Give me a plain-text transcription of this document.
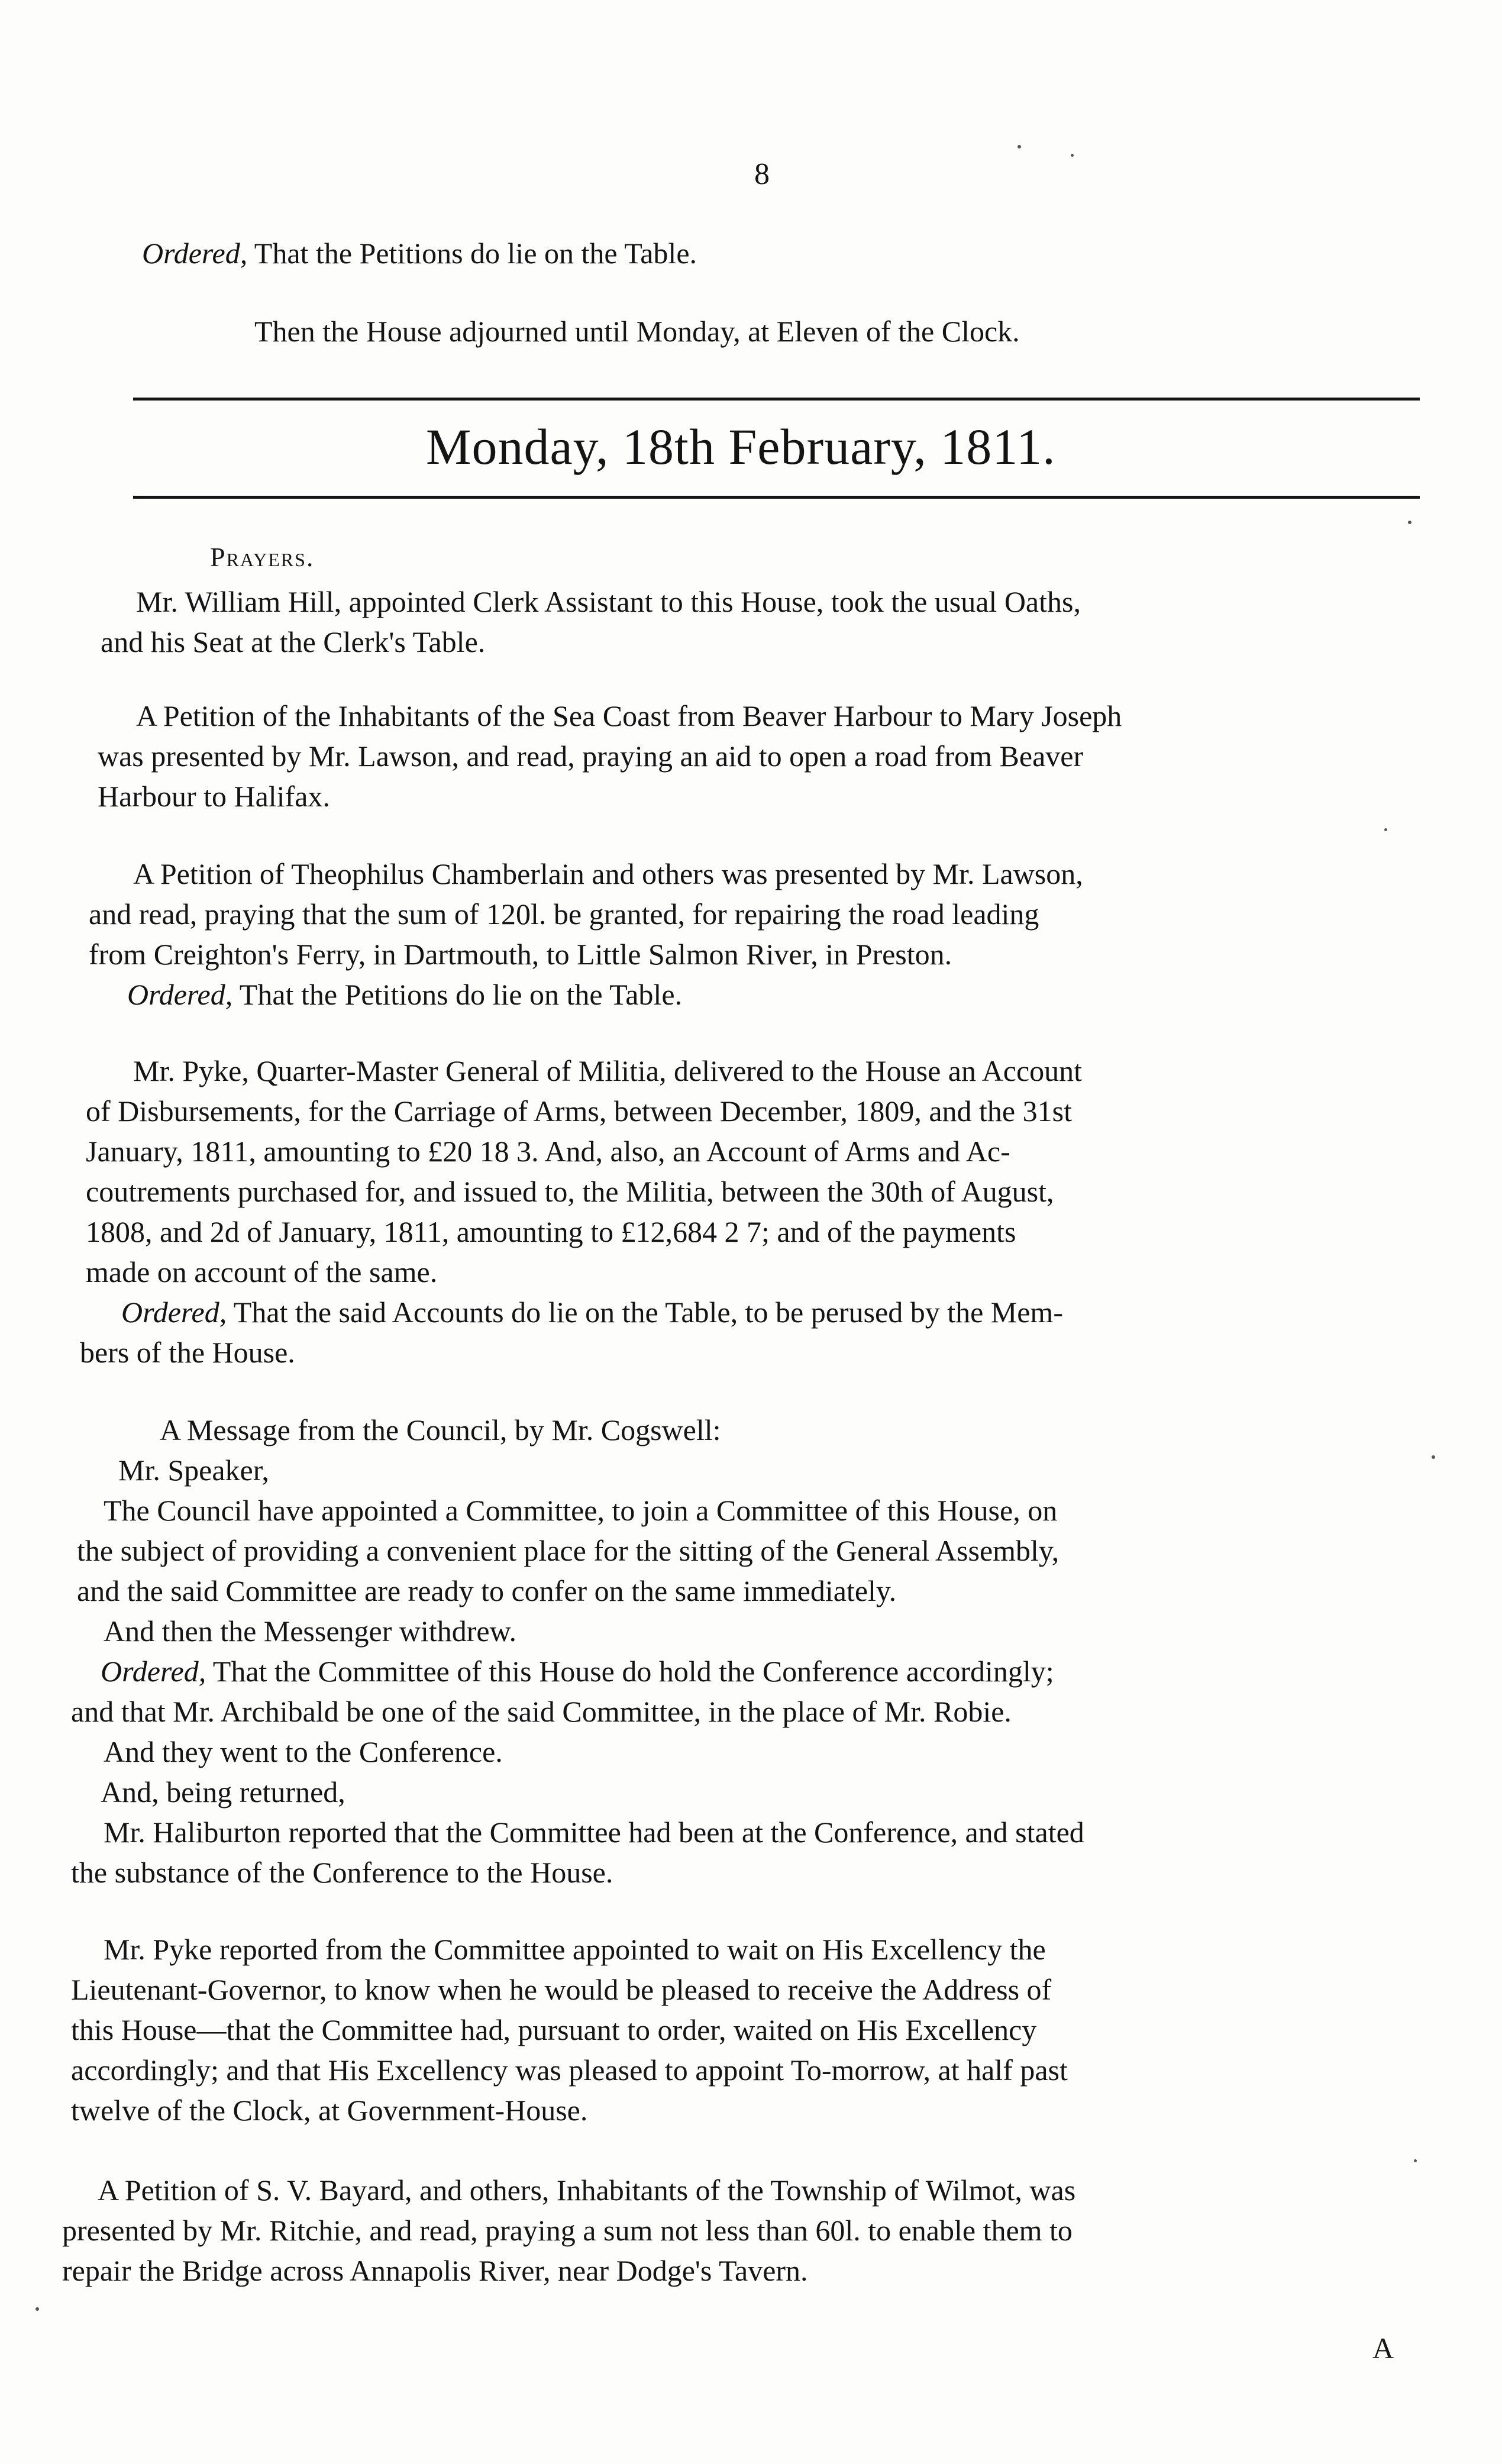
8
Ordered, That the Petitions do lie on the Table.
Then the House adjourned until Monday, at Eleven of the Clock.
Monday, 18th February, 1811.
Prayers.
Mr. William Hill, appointed Clerk Assistant to this House, took the usual Oaths,
and his Seat at the Clerk's Table.
A Petition of the Inhabitants of the Sea Coast from Beaver Harbour to Mary Joseph
was presented by Mr. Lawson, and read, praying an aid to open a road from Beaver
Harbour to Halifax.
A Petition of Theophilus Chamberlain and others was presented by Mr. Lawson,
and read, praying that the sum of 120l. be granted, for repairing the road leading
from Creighton's Ferry, in Dartmouth, to Little Salmon River, in Preston.
Ordered, That the Petitions do lie on the Table.
Mr. Pyke, Quarter-Master General of Militia, delivered to the House an Account
of Disbursements, for the Carriage of Arms, between December, 1809, and the 31st
January, 1811, amounting to £20 18 3. And, also, an Account of Arms and Ac-
coutrements purchased for, and issued to, the Militia, between the 30th of August,
1808, and 2d of January, 1811, amounting to £12,684 2 7; and of the payments
made on account of the same.
Ordered, That the said Accounts do lie on the Table, to be perused by the Mem-
bers of the House.
A Message from the Council, by Mr. Cogswell:
Mr. Speaker,
The Council have appointed a Committee, to join a Committee of this House, on
the subject of providing a convenient place for the sitting of the General Assembly,
and the said Committee are ready to confer on the same immediately.
And then the Messenger withdrew.
Ordered, That the Committee of this House do hold the Conference accordingly;
and that Mr. Archibald be one of the said Committee, in the place of Mr. Robie.
And they went to the Conference.
And, being returned,
Mr. Haliburton reported that the Committee had been at the Conference, and stated
the substance of the Conference to the House.
Mr. Pyke reported from the Committee appointed to wait on His Excellency the
Lieutenant-Governor, to know when he would be pleased to receive the Address of
this House—that the Committee had, pursuant to order, waited on His Excellency
accordingly; and that His Excellency was pleased to appoint To-morrow, at half past
twelve of the Clock, at Government-House.
A Petition of S. V. Bayard, and others, Inhabitants of the Township of Wilmot, was
presented by Mr. Ritchie, and read, praying a sum not less than 60l. to enable them to
repair the Bridge across Annapolis River, near Dodge's Tavern.
A
